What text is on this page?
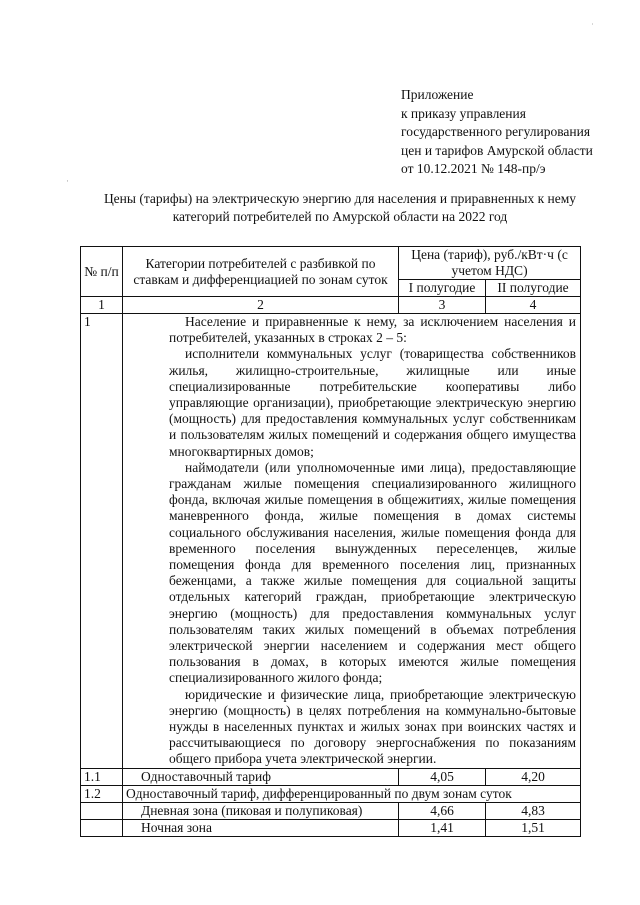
˙
·
Приложение
к приказу управления
государственного регулирования
цен и тарифов Амурской области
от 10.12.2021 № 148-пр/э
Цены (тарифы) на электрическую энергию для населения и приравненных к нему
категорий потребителей по Амурской области на 2022 год
№ п/п	Категории потребителей с разбивкой по ставкам и дифференциацией по зонам суток	Цена (тариф), руб./кВт·ч (с учетом НДС)	
		I полугодие	II полугодие
1	2	3	4
1	Население и приравненные к нему, за исключением населения и потребителей, указанных в строках 2 – 5:

исполнители коммунальных услуг (товарищества собственников жилья, жилищно-строительные, жилищные или иные специализированные потребительские кооперативы либо управляющие организации), приобретающие электрическую энергию (мощность) для предоставления коммунальных услуг собственникам и пользователям жилых помещений и содержания общего имущества многоквартирных домов;

наймодатели (или уполномоченные ими лица), предоставляющие гражданам жилые помещения специализированного жилищного фонда, включая жилые помещения в общежитиях, жилые помещения маневренного фонда, жилые помещения в домах системы социального обслуживания населения, жилые помещения фонда для временного поселения вынужденных переселенцев, жилые помещения фонда для временного поселения лиц, признанных беженцами, а также жилые помещения для социальной защиты отдельных категорий граждан, приобретающие электрическую энергию (мощность) для предоставления коммунальных услуг пользователям таких жилых помещений в объемах потребления электрической энергии населением и содержания мест общего пользования в домах, в которых имеются жилые помещения специализированного жилого фонда;

юридические и физические лица, приобретающие электрическую энергию (мощность) в целях потребления на коммунально-бытовые нужды в населенных пунктах и жилых зонах при воинских частях и рассчитывающиеся по договору энергоснабжения по показаниям общего прибора учета электрической энергии.		

1.1	Одноставочный тариф	4,05	4,20
1.2	Одноставочный тариф, дифференцированный по двум зонам суток		
	Дневная зона (пиковая и полупиковая)	4,66	4,83
	Ночная зона	1,41	1,51
